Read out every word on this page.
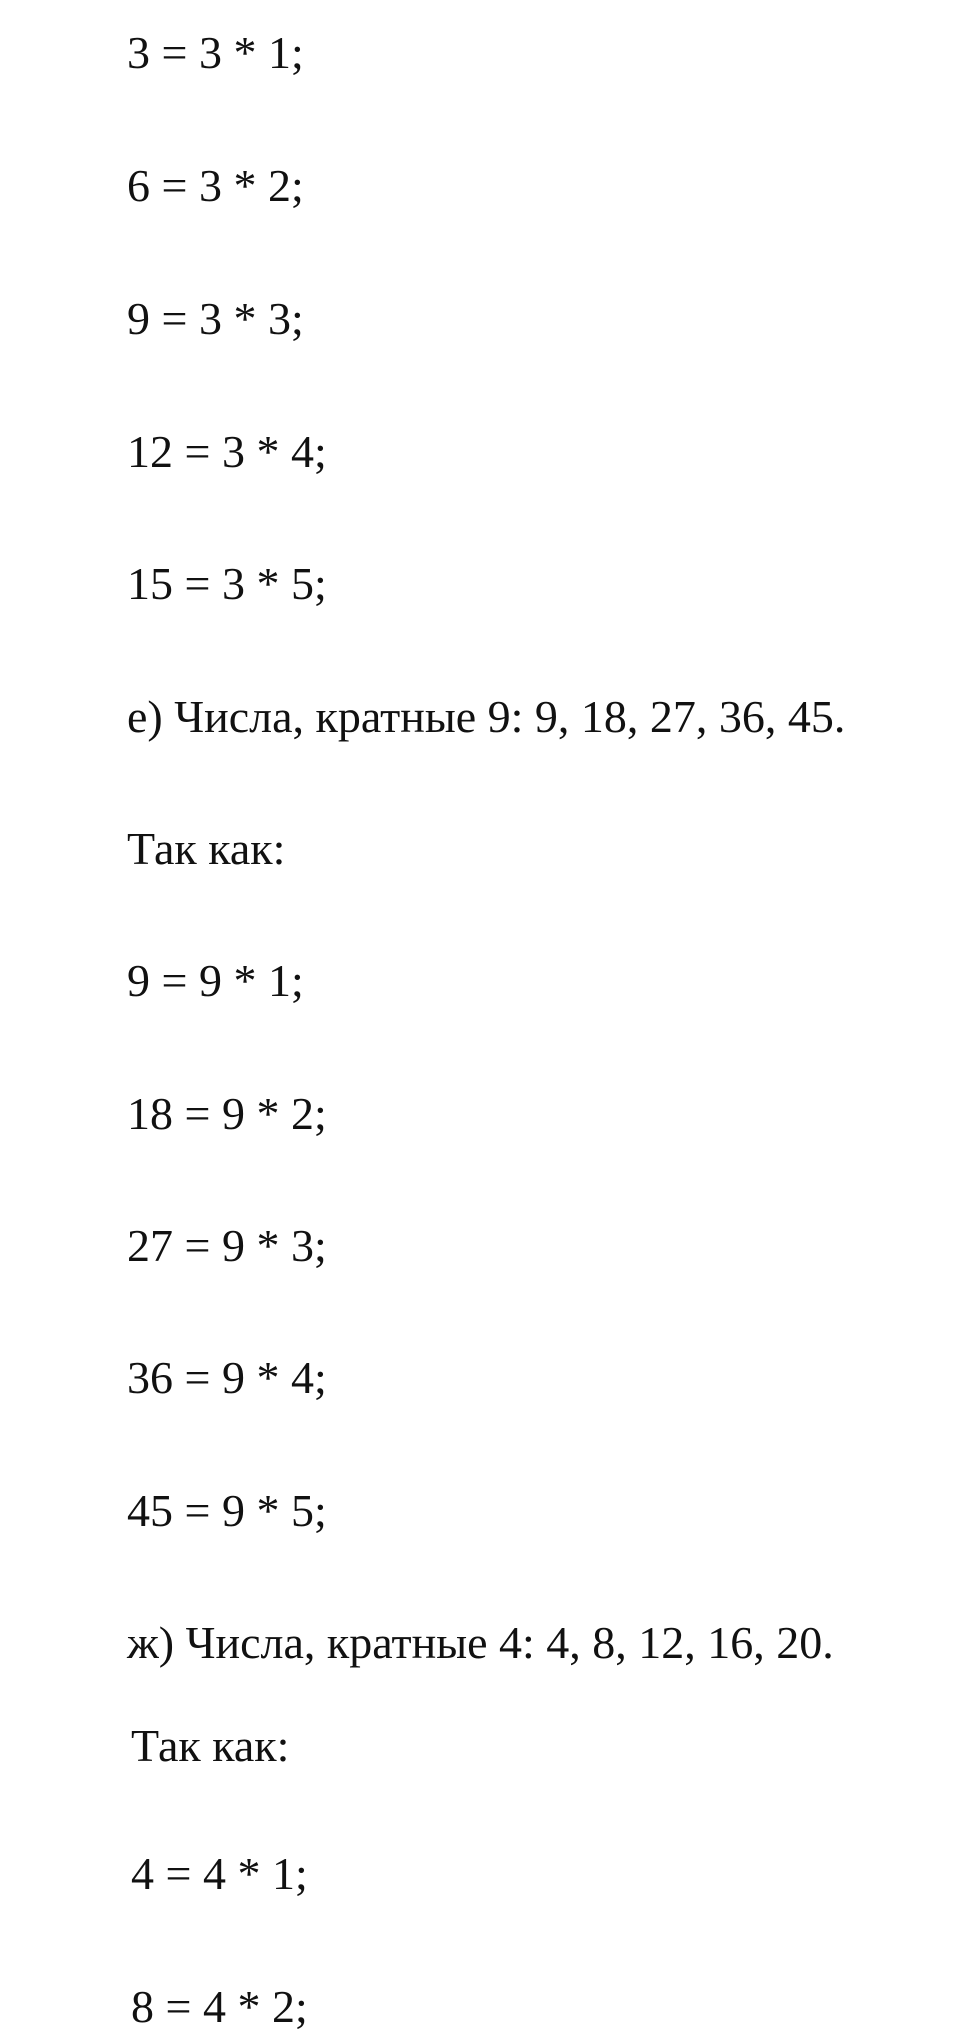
3 = 3 * 1;
6 = 3 * 2;
9 = 3 * 3;
12 = 3 * 4;
15 = 3 * 5;
е) Числа, кратные 9: 9, 18, 27, 36, 45.
Так как:
9 = 9 * 1;
18 = 9 * 2;
27 = 9 * 3;
36 = 9 * 4;
45 = 9 * 5;
ж) Числа, кратные 4: 4, 8, 12, 16, 20.
Так как:
4 = 4 * 1;
8 = 4 * 2;
